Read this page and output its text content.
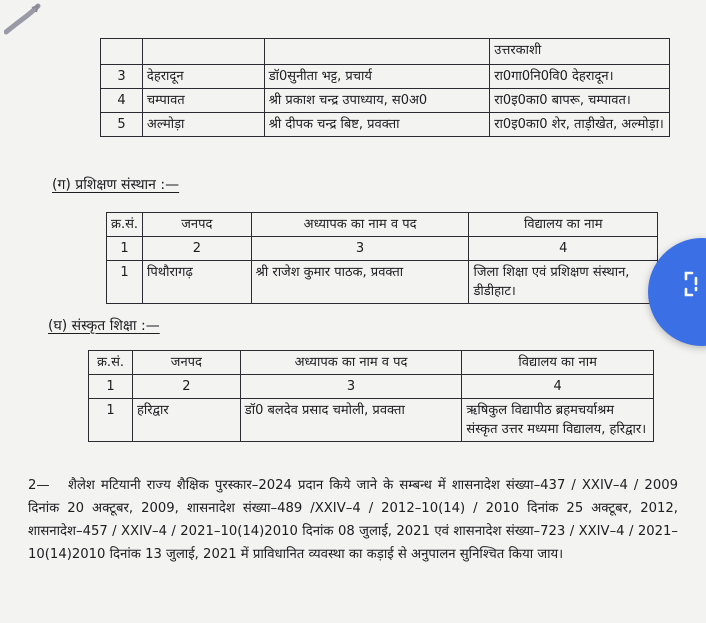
			उत्तरकाशी
3	देहरादून	डॉ0सुनीता भट्ट, प्रचार्य	रा0गा0नि0वि0 देहरादून।
4	चम्पावत	श्री प्रकाश चन्द्र उपाध्याय, स0अ0	रा0इ0का0 बापरू, चम्पावत।
5	अल्मोड़ा	श्री दीपक चन्द्र बिष्ट, प्रवक्ता	रा0इ0का0 शेर, ताड़ीखेत, अल्मोड़ा।
(ग) प्रशिक्षण संस्थान :—
क्र.सं.	जनपद	अध्यापक का नाम व पद	विद्यालय का नाम
1	2	3	4
1	पिथौरागढ़	श्री राजेश कुमार पाठक, प्रवक्ता	जिला शिक्षा एवं प्रशिक्षण संस्थान, डीडीहाट।
(घ) संस्कृत शिक्षा :—
क्र.सं.	जनपद	अध्यापक का नाम व पद	विद्यालय का नाम
1	2	3	4
1	हरिद्वार	डॉ0 बलदेव प्रसाद चमोली, प्रवक्ता	ऋषिकुल विद्यापीठ ब्रहमचर्याश्रम संस्कृत उत्तर मध्यमा विद्यालय, हरिद्वार।
2— शैलेश मटियानी राज्य शैक्षिक पुरस्कार–2024 प्रदान किये जाने के सम्बन्ध में शासनादेश संख्या–437 / XXIV–4 / 2009 दिनांक 20 अक्टूबर, 2009, शासनादेश संख्या–489 /XXIV–4 / 2012–10(14) / 2010 दिनांक 25 अक्टूबर, 2012, शासनादेश–457 / XXIV–4 / 2021–10(14)2010 दिनांक 08 जुलाई, 2021 एवं शासनादेश संख्या–723 / XXIV–4 / 2021–10(14)2010 दिनांक 13 जुलाई, 2021 में प्राविधानित व्यवस्था का कड़ाई से अनुपालन सुनिश्चित किया जाय।
